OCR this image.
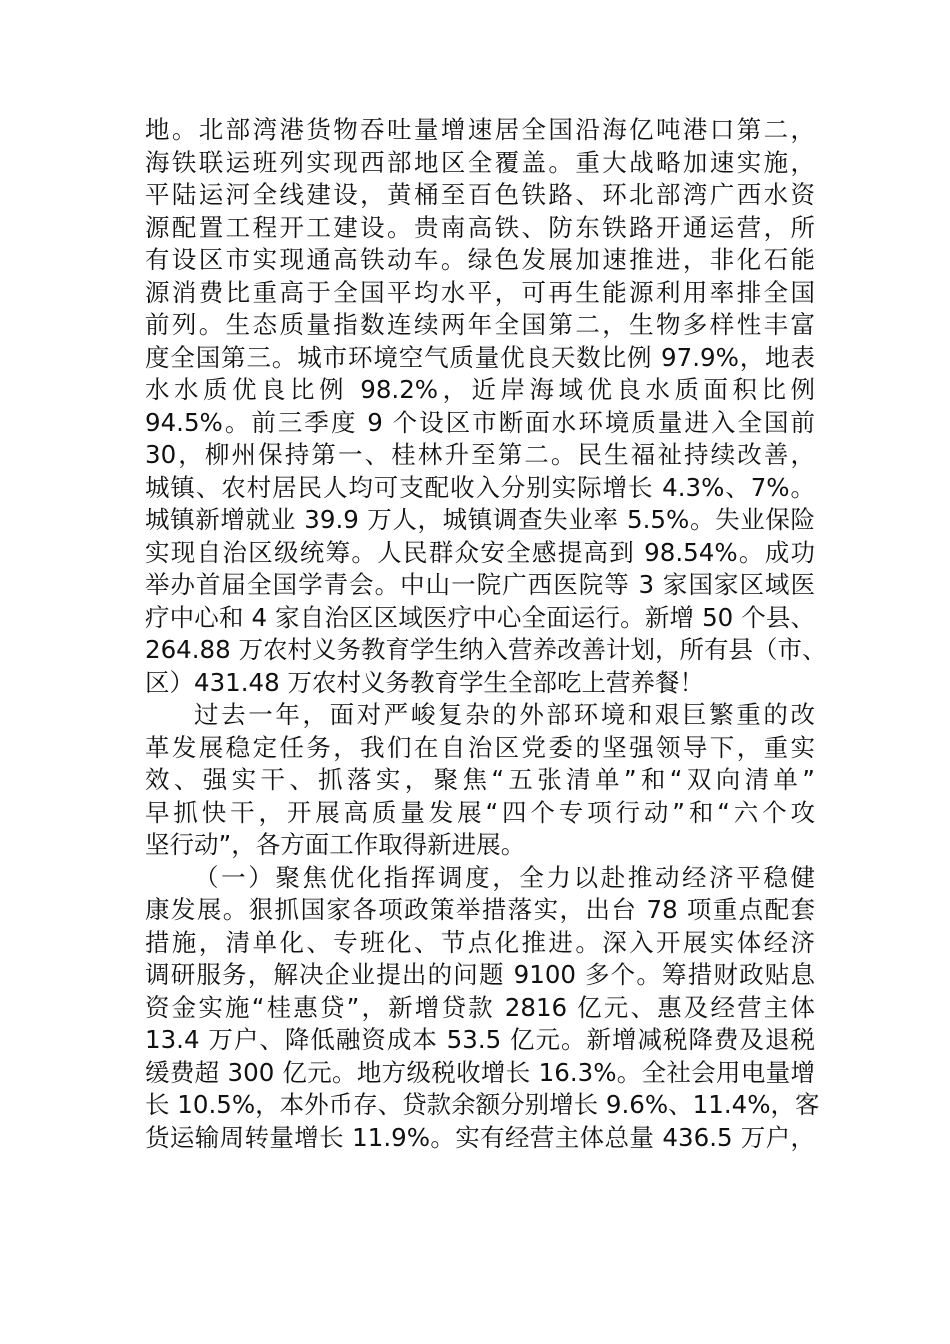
地。北部湾港货物吞吐量增速居全国沿海亿吨港口第二，
海铁联运班列实现西部地区全覆盖。重大战略加速实施，
平陆运河全线建设，黄桶至百色铁路、环北部湾广西水资
源配置工程开工建设。贵南高铁、防东铁路开通运营，所
有设区市实现通高铁动车。绿色发展加速推进，非化石能
源消费比重高于全国平均水平，可再生能源利用率排全国
前列。生态质量指数连续两年全国第二，生物多样性丰富
度全国第三。城市环境空气质量优良天数比例 97.9%，地表
水水质优良比例 98.2%，近岸海域优良水质面积比例
94.5%。前三季度 9 个设区市断面水环境质量进入全国前
30，柳州保持第一、桂林升至第二。民生福祉持续改善，
城镇、农村居民人均可支配收入分别实际增长 4.3%、7%。
城镇新增就业 39.9 万人，城镇调查失业率 5.5%。失业保险
实现自治区级统筹。人民群众安全感提高到 98.54%。成功
举办首届全国学青会。中山一院广西医院等 3 家国家区域医
疗中心和 4 家自治区区域医疗中心全面运行。新增 50 个县、
264.88 万农村义务教育学生纳入营养改善计划，所有县（市、
区）431.48 万农村义务教育学生全部吃上营养餐！
过去一年，面对严峻复杂的外部环境和艰巨繁重的改
革发展稳定任务，我们在自治区党委的坚强领导下，重实
效、强实干、抓落实，聚焦“五张清单”和“双向清单”
早抓快干，开展高质量发展“四个专项行动”和“六个攻
坚行动”，各方面工作取得新进展。
（一）聚焦优化指挥调度，全力以赴推动经济平稳健
康发展。狠抓国家各项政策举措落实，出台 78 项重点配套
措施，清单化、专班化、节点化推进。深入开展实体经济
调研服务，解决企业提出的问题 9100 多个。筹措财政贴息
资金实施“桂惠贷”，新增贷款 2816 亿元、惠及经营主体
13.4 万户、降低融资成本 53.5 亿元。新增减税降费及退税
缓费超 300 亿元。地方级税收增长 16.3%。全社会用电量增
长 10.5%，本外币存、贷款余额分别增长 9.6%、11.4%，客
货运输周转量增长 11.9%。实有经营主体总量 436.5 万户，
